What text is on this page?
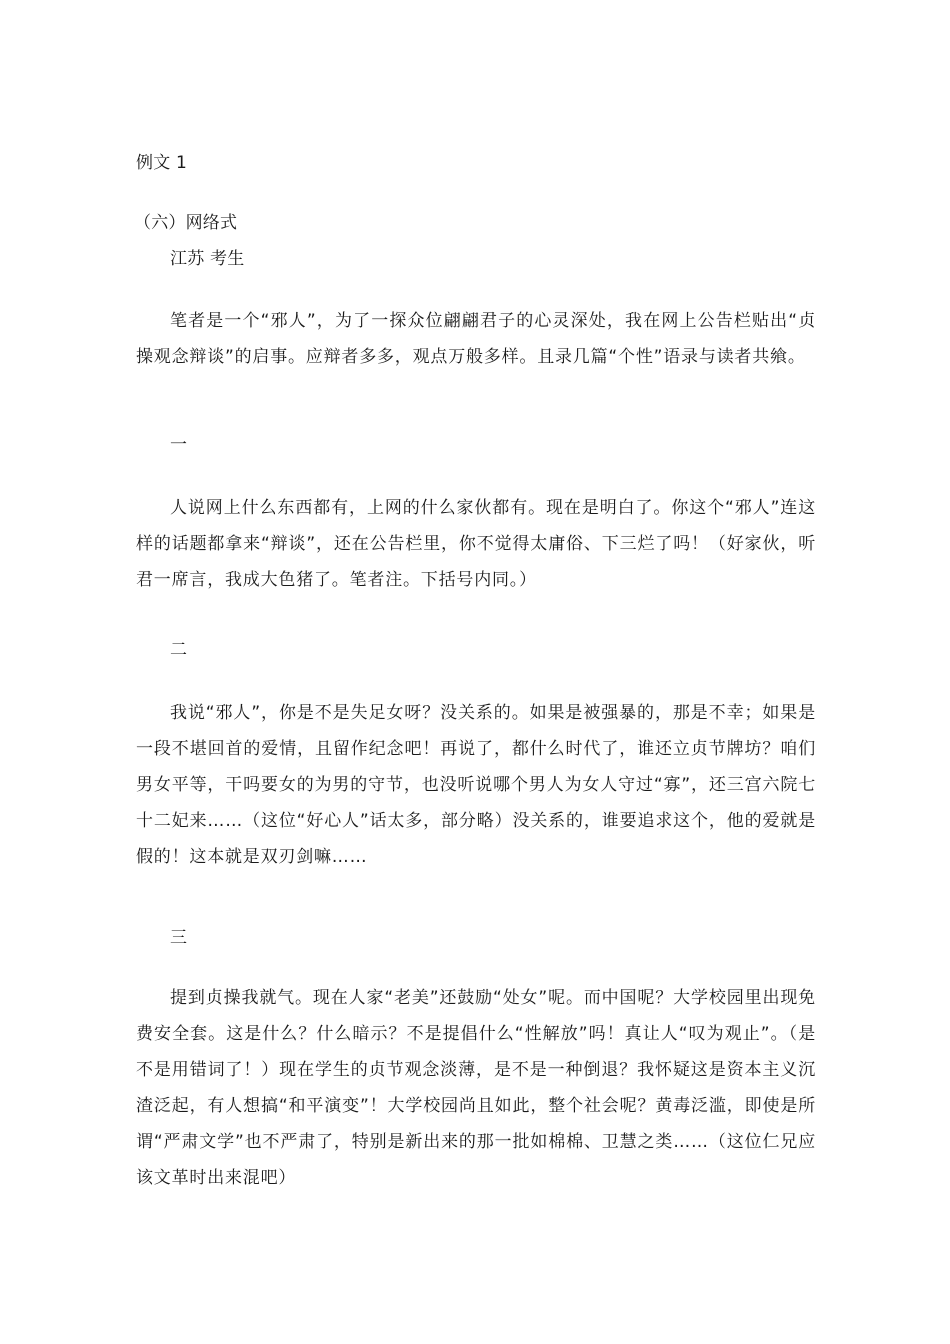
例文 1
（六）网络式
江苏 考生
笔者是一个“邪人”，为了一探众位翩翩君子的心灵深处，我在网上公告栏贴出“贞操观念辩谈”的启事。应辩者多多，观点万般多样。且录几篇“个性”语录与读者共飨。
一
人说网上什么东西都有，上网的什么家伙都有。现在是明白了。你这个“邪人”连这样的话题都拿来“辩谈”，还在公告栏里，你不觉得太庸俗、下三烂了吗！（好家伙，听君一席言，我成大色猪了。笔者注。下括号内同。）
二
我说“邪人”，你是不是失足女呀？没关系的。如果是被强暴的，那是不幸；如果是一段不堪回首的爱情，且留作纪念吧！再说了，都什么时代了，谁还立贞节牌坊？咱们男女平等，干吗要女的为男的守节，也没听说哪个男人为女人守过“寡”，还三宫六院七十二妃来……（这位“好心人”话太多，部分略）没关系的，谁要追求这个，他的爱就是假的！这本就是双刃剑嘛……
三
提到贞操我就气。现在人家“老美”还鼓励“处女”呢。而中国呢？大学校园里出现免费安全套。这是什么？什么暗示？不是提倡什么“性解放”吗！真让人“叹为观止”。（是不是用错词了！）现在学生的贞节观念淡薄，是不是一种倒退？我怀疑这是资本主义沉渣泛起，有人想搞“和平演变”！大学校园尚且如此，整个社会呢？黄毒泛滥，即使是所谓“严肃文学”也不严肃了，特别是新出来的那一批如棉棉、卫慧之类……（这位仁兄应该文革时出来混吧）
